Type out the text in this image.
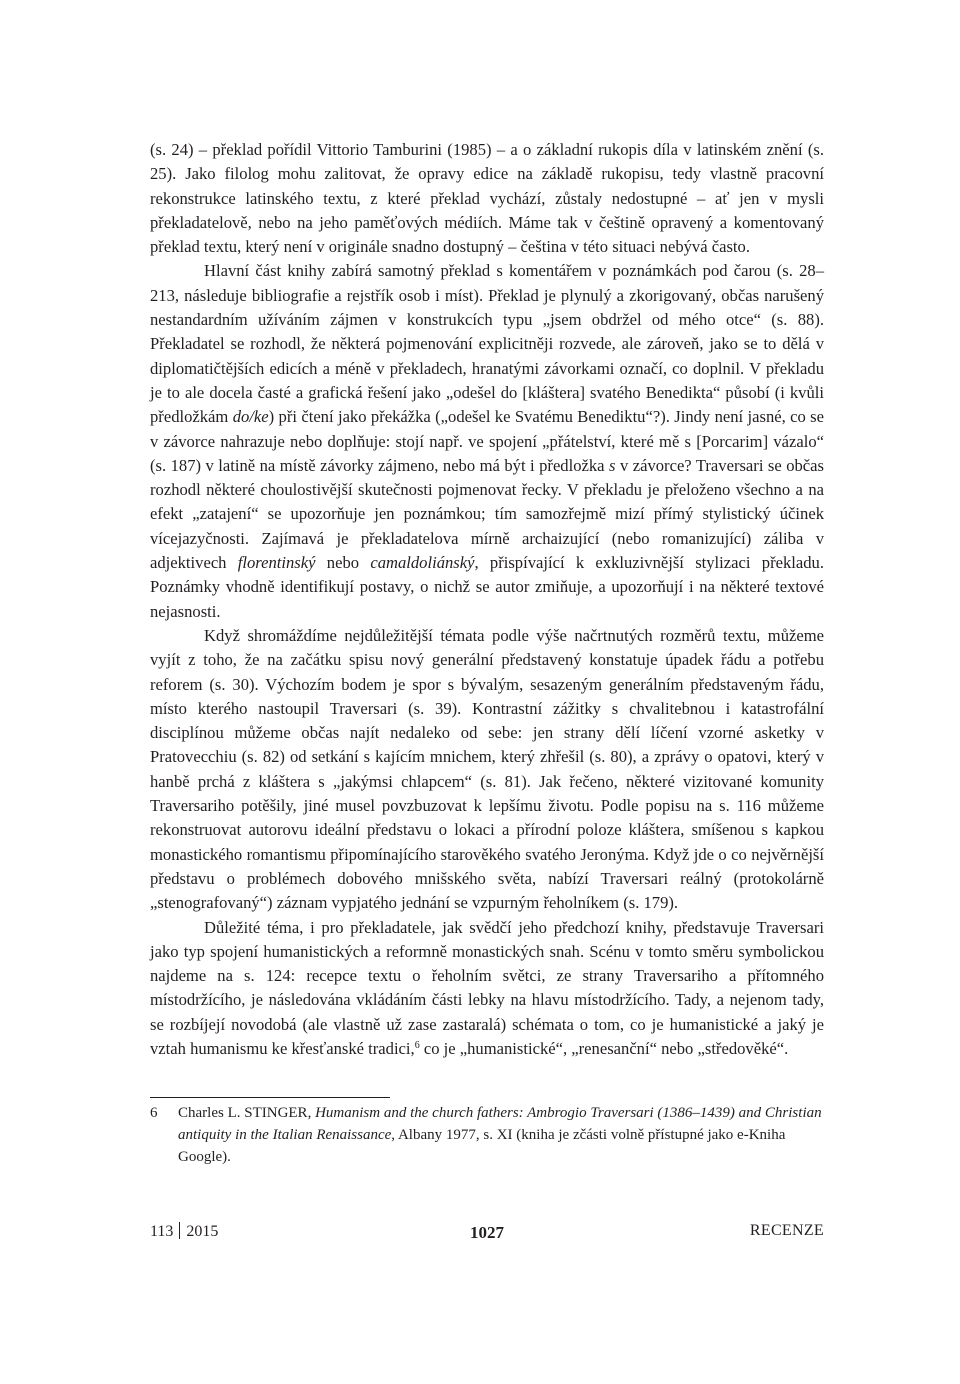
(s. 24) – překlad pořídil Vittorio Tamburini (1985) – a o základní rukopis díla v latinském znění (s. 25). Jako filolog mohu zalitovat, že opravy edice na základě rukopisu, tedy vlastně pracovní rekonstrukce latinského textu, z které překlad vychází, zůstaly nedostupné – ať jen v mysli překladatelově, nebo na jeho paměťových médiích. Máme tak v češtině opravený a komentovaný překlad textu, který není v originále snadno dostupný – čeština v této situaci nebývá často.

Hlavní část knihy zabírá samotný překlad s komentářem v poznámkách pod čarou (s. 28–213, následuje bibliografie a rejstřík osob i míst). Překlad je plynulý a zkorigovaný, občas narušený nestandardním užíváním zájmen v konstrukcích typu „jsem obdržel od mého otce“ (s. 88). Překladatel se rozhodl, že některá pojmenování explicitněji rozvede, ale zároveň, jako se to dělá v diplomatičtějších edicích a méně v překladech, hranatými závorkami označí, co doplnil. V překladu je to ale docela časté a grafická řešení jako „odešel do [kláštera] svatého Benedikta“ působí (i kvůli předložkám do/ke) při čtení jako překážka („odešel ke Svatému Benediktu“?). Jindy není jasné, co se v závorce nahrazuje nebo doplňuje: stojí např. ve spojení „přátelství, které mě s [Porcarim] vázalo“ (s. 187) v latině na místě závorky zájmeno, nebo má být i předložka s v závorce? Traversari se občas rozhodl některé choulostivější skutečnosti pojmenovat řecky. V překladu je přeloženo všechno a na efekt „zatajení“ se upozorňuje jen poznámkou; tím samozřejmě mizí přímý stylistický účinek vícejazyčnosti. Zajímavá je překladatelova mírně archaizující (nebo romanizující) záliba v adjektivech florentinský nebo camaldoliánský, přispívající k exkluzivnější stylizaci překladu. Poznámky vhodně identifikují postavy, o nichž se autor zmiňuje, a upozorňují i na některé textové nejasnosti.

Když shromáždíme nejdůležitější témata podle výše načrtnutých rozměrů textu, můžeme vyjít z toho, že na začátku spisu nový generální představený konstatuje úpadek řádu a potřebu reforem (s. 30). Výchozím bodem je spor s bývalým, sesazeným generálním představeným řádu, místo kterého nastoupil Traversari (s. 39). Kontrastní zážitky s chvalitebnou i katastrofální disciplínou můžeme občas najít nedaleko od sebe: jen strany dělí líčení vzorné asketky v Pratovecchiu (s. 82) od setkání s kajícím mnichem, který zhřešil (s. 80), a zprávy o opatovi, který v hanbě prchá z kláštera s „jakýmsi chlapcem“ (s. 81). Jak řečeno, některé vizitované komunity Traversariho potěšily, jiné musel povzbuzovat k lepšímu životu. Podle popisu na s. 116 můžeme rekonstruovat autorovu ideální představu o lokaci a přírodní poloze kláštera, smíšenou s kapkou monastického romantismu připomínajícího starověkého svatého Jeronýma. Když jde o co nejvěrnější představu o problémech dobového mnišského světa, nabízí Traversari reálný (protokolárně „stenografovaný“) záznam vypjatého jednání se vzpurným řeholníkem (s. 179).

Důležité téma, i pro překladatele, jak svědčí jeho předchozí knihy, představuje Traversari jako typ spojení humanistických a reformně monastických snah. Scénu v tomto směru symbolickou najdeme na s. 124: recepce textu o řeholním světci, ze strany Traversariho a přítomného místodržícího, je následována vkládáním části lebky na hlavu místodržícího. Tady, a nejenom tady, se rozbíjejí novodobá (ale vlastně už zase zastaralá) schémata o tom, co je humanistické a jaký je vztah humanismu ke křesťanské tradici,$^6$ co je „humanistické“, „renesanční“ nebo „středověké“.

6	Charles L. STINGER, Humanism and the church fathers: Ambrogio Traversari (1386–1439) and Christian antiquity in the Italian Renaissance, Albany 1977, s. XI (kniha je zčásti volně přístupné jako e-Kniha Google).
113 2015	1027	RECENZE
